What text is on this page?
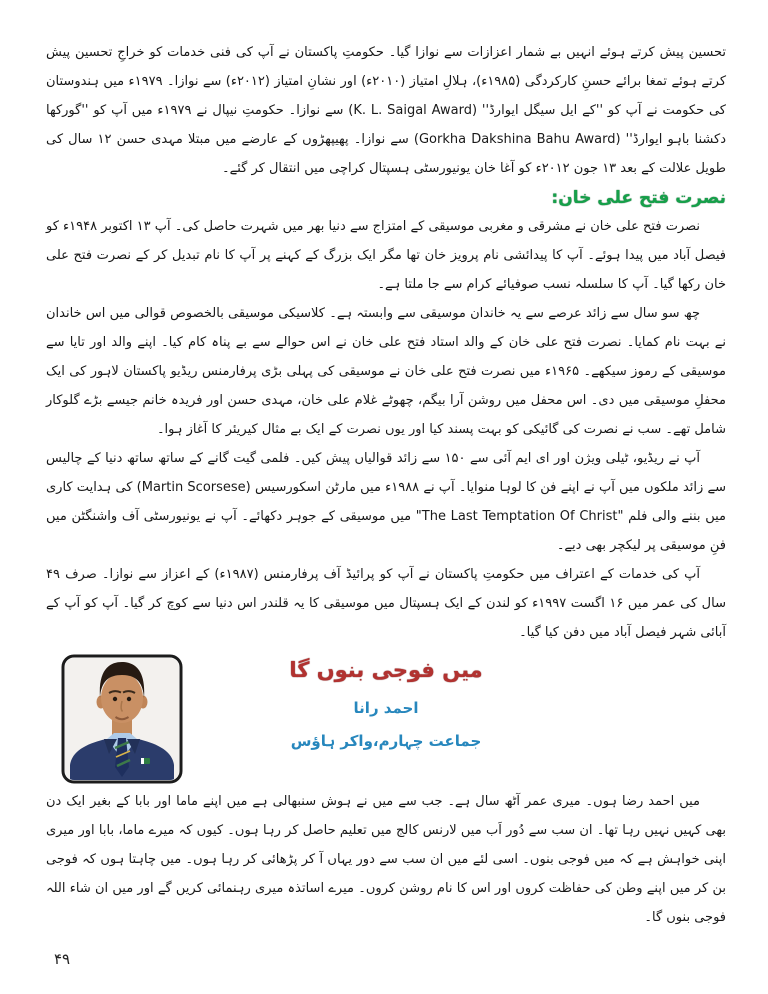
تحسین پیش کرتے ہوئے انہیں بے شمار اعزازات سے نوازا گیا۔ حکومتِ پاکستان نے آپ کی فنی خدمات کو خراجِ تحسین پیش کرتے ہوئے تمغا برائے حسنِ کارکردگی (۱۹۸۵ء)، ہلالِ امتیاز (۲۰۱۰ء) اور نشانِ امتیاز (۲۰۱۲ء) سے نوازا۔ ۱۹۷۹ء میں ہندوستان کی حکومت نے آپ کو ''کے ایل سیگل ایوارڈ'' (K. L. Saigal Award) سے نوازا۔ حکومتِ نیپال نے ۱۹۷۹ء میں آپ کو ''گورکھا دکشنا باہو ایوارڈ'' (Gorkha Dakshina Bahu Award) سے نوازا۔ پھیپھڑوں کے عارضے میں مبتلا مہدی حسن ۱۲ سال کی طویل علالت کے بعد ۱۳ جون ۲۰۱۲ء کو آغا خان یونیورسٹی ہسپتال کراچی میں انتقال کر گئے۔

نصرت فتح علی خان:

نصرت فتح علی خان نے مشرقی و مغربی موسیقی کے امتزاج سے دنیا بھر میں شہرت حاصل کی۔ آپ ۱۳ اکتوبر ۱۹۴۸ء کو فیصل آباد میں پیدا ہوئے۔ آپ کا پیدائشی نام پرویز خان تھا مگر ایک بزرگ کے کہنے پر آپ کا نام تبدیل کر کے نصرت فتح علی خان رکھا گیا۔ آپ کا سلسلہ نسب صوفیائے کرام سے جا ملتا ہے۔

چھ سو سال سے زائد عرصے سے یہ خاندان موسیقی سے وابستہ ہے۔ کلاسیکی موسیقی بالخصوص قوالی میں اس خاندان نے بہت نام کمایا۔ نصرت فتح علی خان کے والد استاد فتح علی خان نے اس حوالے سے بے پناہ کام کیا۔ اپنے والد اور تایا سے موسیقی کے رموز سیکھے۔ ۱۹۶۵ء میں نصرت فتح علی خان نے موسیقی کی پہلی بڑی پرفارمنس ریڈیو پاکستان لاہور کی ایک محفلِ موسیقی میں دی۔ اس محفل میں روشن آرا بیگم، چھوٹے غلام علی خان، مہدی حسن اور فریدہ خانم جیسے بڑے گلوکار شامل تھے۔ سب نے نصرت کی گائیکی کو بہت پسند کیا اور یوں نصرت کے ایک بے مثال کیریئر کا آغاز ہوا۔

آپ نے ریڈیو، ٹیلی ویژن اور ای ایم آئی سے ۱۵۰ سے زائد قوالیاں پیش کیں۔ فلمی گیت گانے کے ساتھ ساتھ دنیا کے چالیس سے زائد ملکوں میں آپ نے اپنے فن کا لوہا منوایا۔ آپ نے ۱۹۸۸ء میں مارٹن اسکورسیس (Martin Scorsese) کی ہدایت کاری میں بننے والی فلم "The Last Temptation Of Christ" میں موسیقی کے جوہر دکھائے۔ آپ نے یونیورسٹی آف واشنگٹن میں فنِ موسیقی پر لیکچر بھی دیے۔

آپ کی خدمات کے اعتراف میں حکومتِ پاکستان نے آپ کو پرائیڈ آف پرفارمنس (۱۹۸۷ء) کے اعزاز سے نوازا۔ صرف ۴۹ سال کی عمر میں ۱۶ اگست ۱۹۹۷ء کو لندن کے ایک ہسپتال میں موسیقی کا یہ قلندر اس دنیا سے کوچ کر گیا۔ آپ کو آپ کے آبائی شہر فیصل آباد میں دفن کیا گیا۔

میں فوجی بنوں گا
احمد رانا
جماعت چہارم،واکر ہاؤس

میں احمد رضا ہوں۔ میری عمر آٹھ سال ہے۔ جب سے میں نے ہوش سنبھالی ہے میں اپنے ماما اور بابا کے بغیر ایک دن بھی کہیں نہیں رہا تھا۔ ان سب سے دُور اَب میں لارنس کالج میں تعلیم حاصل کر رہا ہوں۔ کیوں کہ میرے ماما، بابا اور میری اپنی خواہش ہے کہ میں فوجی بنوں۔ اسی لئے میں ان سب سے دور یہاں آ کر پڑھائی کر رہا ہوں۔ میں چاہتا ہوں کہ فوجی بن کر میں اپنے وطن کی حفاظت کروں اور اس کا نام روشن کروں۔ میرے اساتذہ میری رہنمائی کریں گے اور میں ان شاء اللہ فوجی بنوں گا۔

۴۹
